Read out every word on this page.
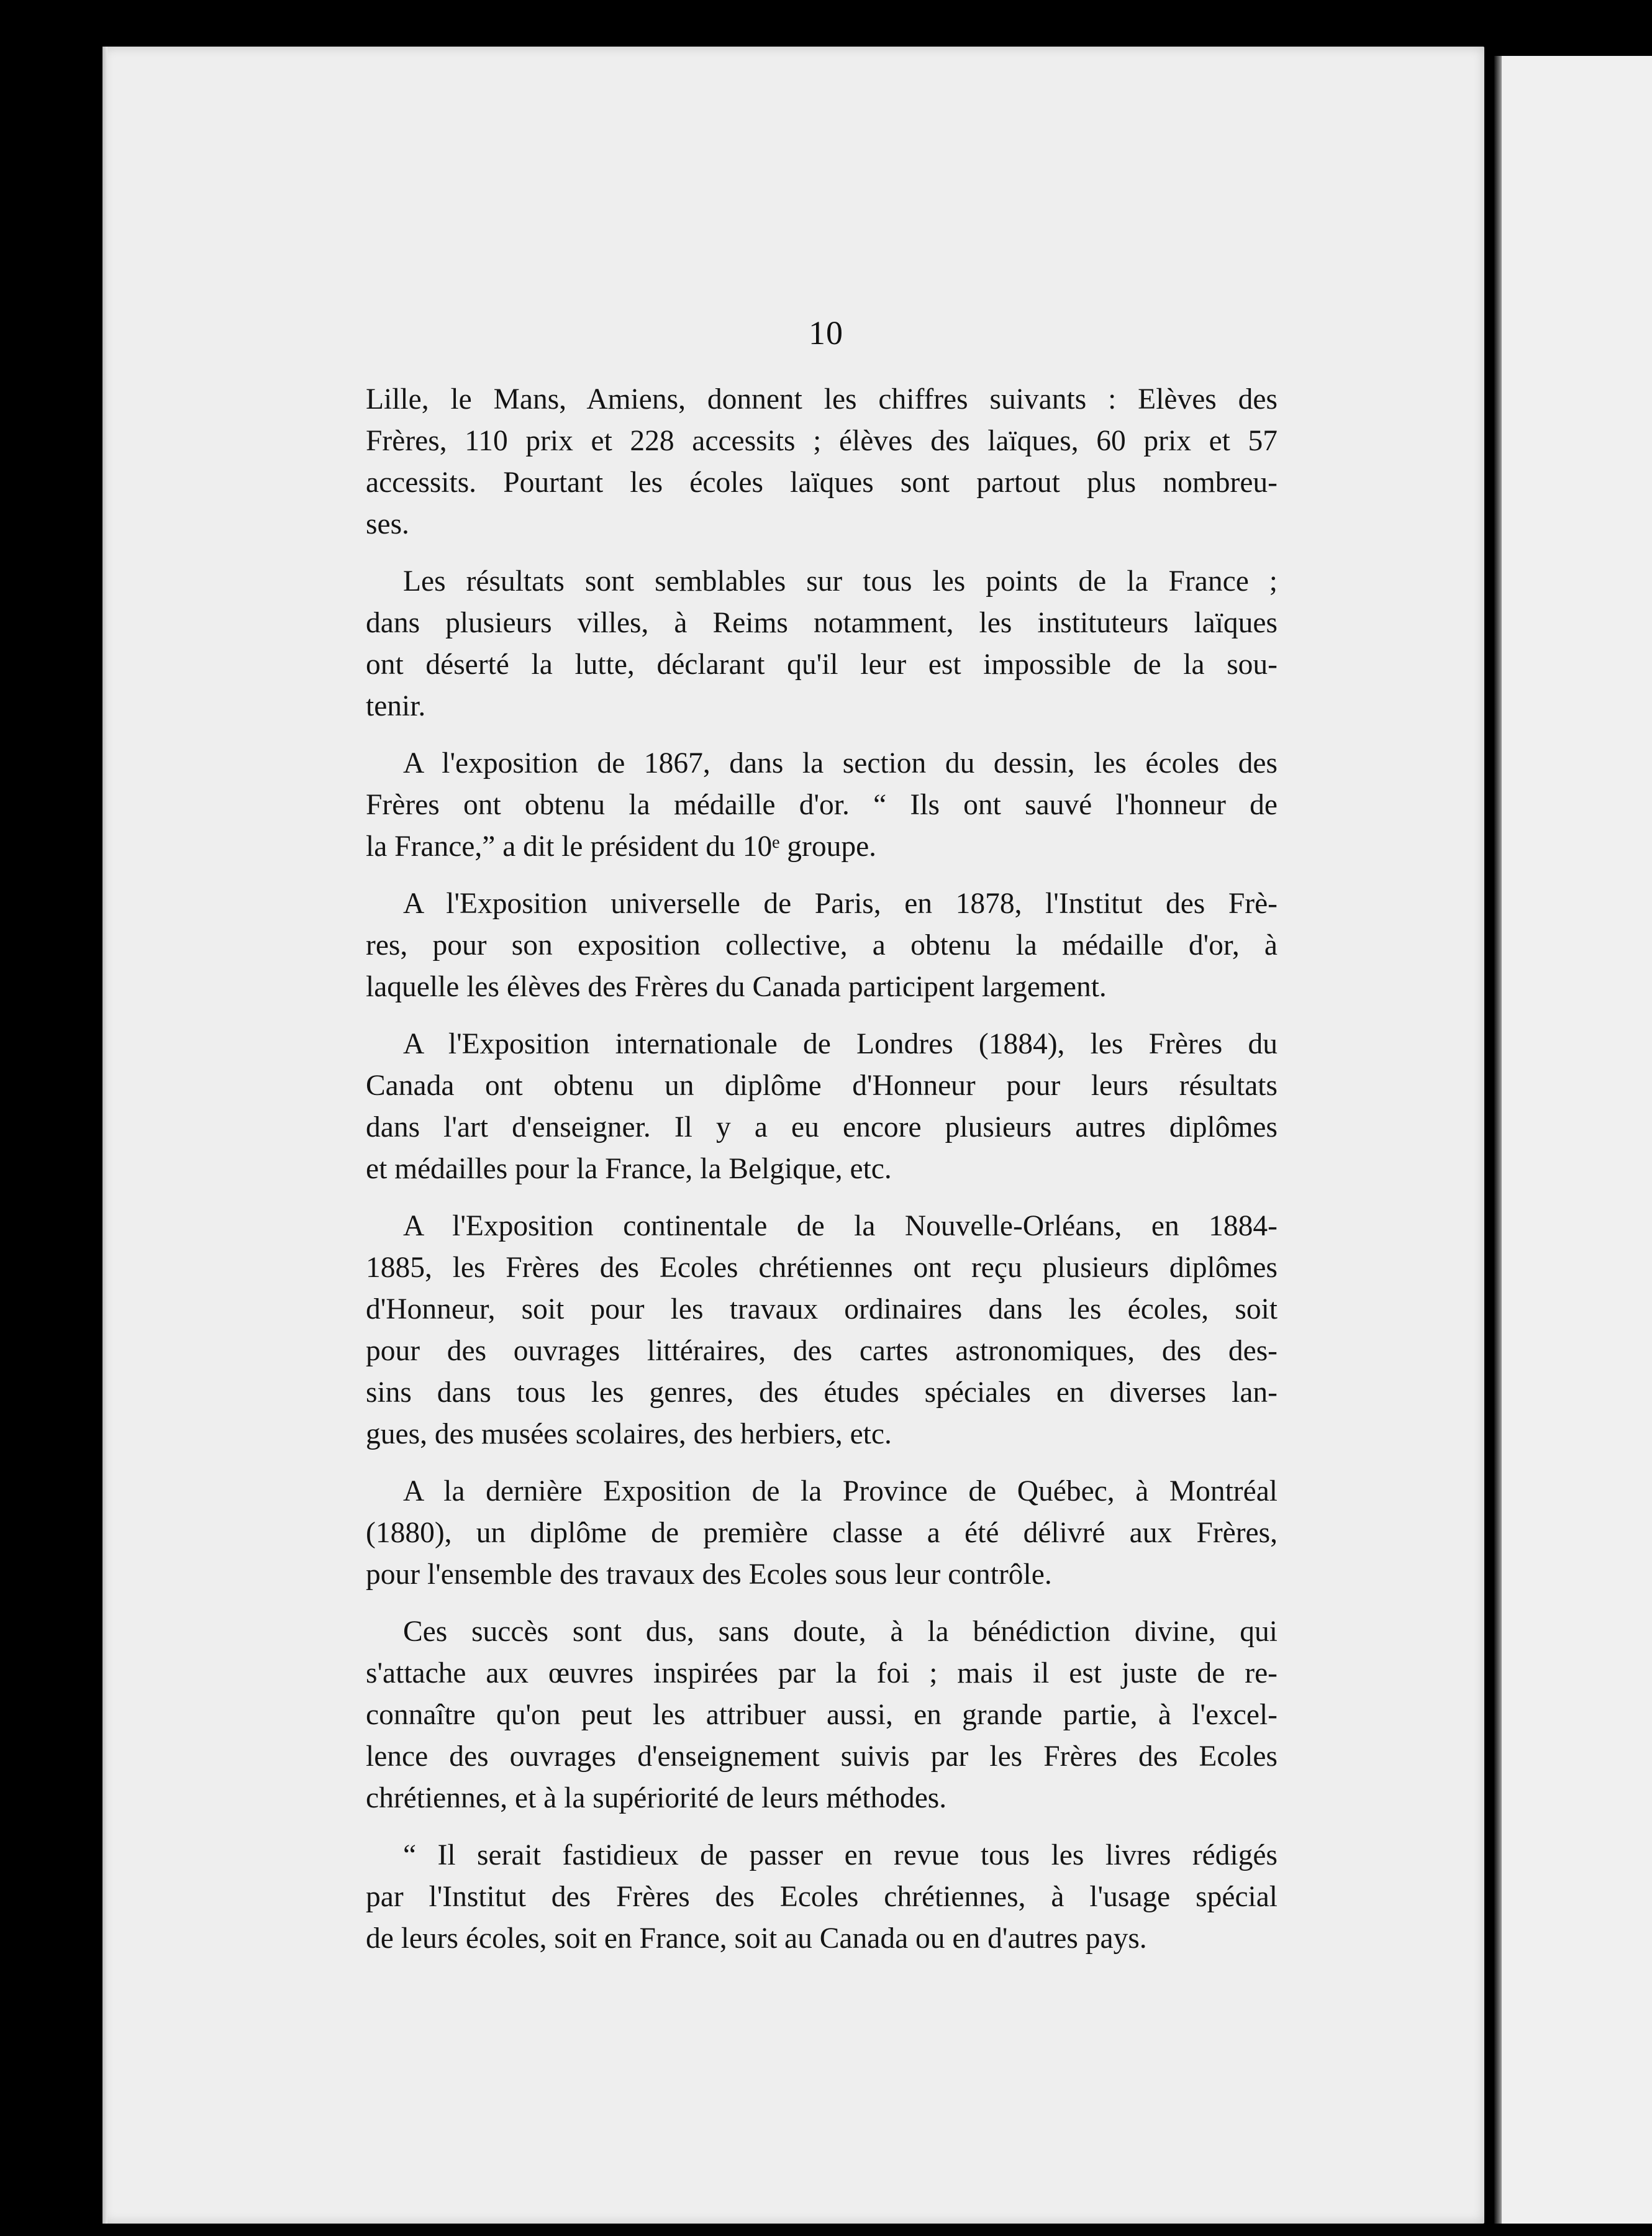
10
Lille, le Mans, Amiens, donnent les chiffres suivants : Elèves des
Frères, 110 prix et 228 accessits ; élèves des laïques, 60 prix et 57
accessits. Pourtant les écoles laïques sont partout plus nombreu-
ses.
Les résultats sont semblables sur tous les points de la France ;
dans plusieurs villes, à Reims notamment, les instituteurs laïques
ont déserté la lutte, déclarant qu'il leur est impossible de la sou-
tenir.
A l'exposition de 1867, dans la section du dessin, les écoles des
Frères ont obtenu la médaille d'or. “ Ils ont sauvé l'honneur de
la France,” a dit le président du 10ᵉ groupe.
A l'Exposition universelle de Paris, en 1878, l'Institut des Frè-
res, pour son exposition collective, a obtenu la médaille d'or, à
laquelle les élèves des Frères du Canada participent largement.
A l'Exposition internationale de Londres (1884), les Frères du
Canada ont obtenu un diplôme d'Honneur pour leurs résultats
dans l'art d'enseigner. Il y a eu encore plusieurs autres diplômes
et médailles pour la France, la Belgique, etc.
A l'Exposition continentale de la Nouvelle-Orléans, en 1884-
1885, les Frères des Ecoles chrétiennes ont reçu plusieurs diplômes
d'Honneur, soit pour les travaux ordinaires dans les écoles, soit
pour des ouvrages littéraires, des cartes astronomiques, des des-
sins dans tous les genres, des études spéciales en diverses lan-
gues, des musées scolaires, des herbiers, etc.
A la dernière Exposition de la Province de Québec, à Montréal
(1880), un diplôme de première classe a été délivré aux Frères,
pour l'ensemble des travaux des Ecoles sous leur contrôle.
Ces succès sont dus, sans doute, à la bénédiction divine, qui
s'attache aux œuvres inspirées par la foi ; mais il est juste de re-
connaître qu'on peut les attribuer aussi, en grande partie, à l'excel-
lence des ouvrages d'enseignement suivis par les Frères des Ecoles
chrétiennes, et à la supériorité de leurs méthodes.
“ Il serait fastidieux de passer en revue tous les livres rédigés
par l'Institut des Frères des Ecoles chrétiennes, à l'usage spécial
de leurs écoles, soit en France, soit au Canada ou en d'autres pays.
